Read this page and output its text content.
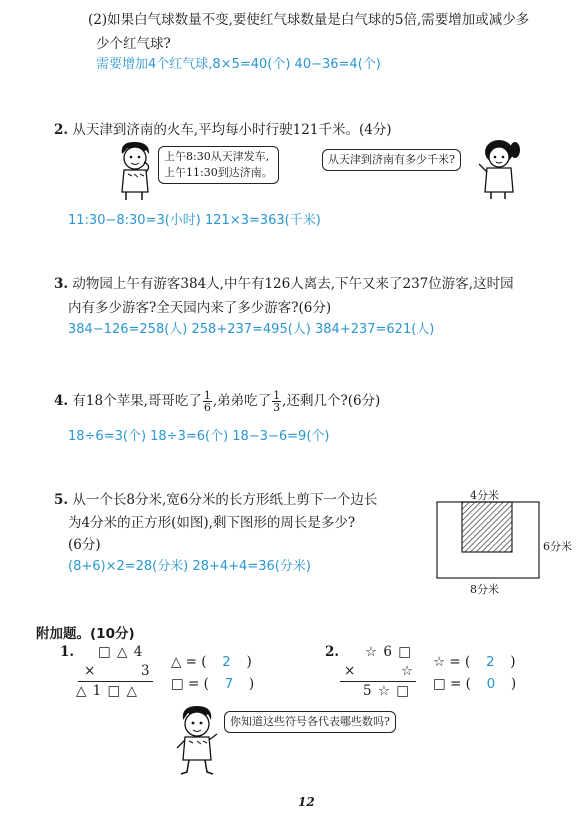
(2)如果白气球数量不变,要使红气球数量是白气球的5倍,需要增加或减少多
少个红气球?
需要增加4个红气球,8×5=40(个) 40−36=4(个)
2. 从天津到济南的火车,平均每小时行驶121千米。(4分)
上午8:30从天津发车,
上午11:30到达济南。
从天津到济南有多少千米?
11:30−8:30=3(小时) 121×3=363(千米)
3. 动物园上午有游客384人,中午有126人离去,下午又来了237位游客,这时园
内有多少游客?全天园内来了多少游客?(6分)
384−126=258(人) 258+237=495(人) 384+237=621(人)
4. 有18个苹果,哥哥吃了 $\frac{1}{6}$ ,弟弟吃了 $\frac{1}{3}$ ,还剩几个?(6分)
18÷6=3(个) 18÷3=6(个) 18−3−6=9(个)
5. 从一个长8分米,宽6分米的长方形纸上剪下一个边长
为4分米的正方形(如图),剩下图形的周长是多少?
(6分)
(8+6)×2=28(分米) 28+4+4=36(分米)
4分米
6分米
8分米
附加题。(10分)
1. □ △ 4
×	3
△ 1 □ △
△ = ( 2 )
□ = ( 7 )
2. ☆ 6 □
×	☆
5 ☆ □
☆ = ( 2 )
□ = ( 0 )
你知道这些符号各代表哪些数吗?
12
